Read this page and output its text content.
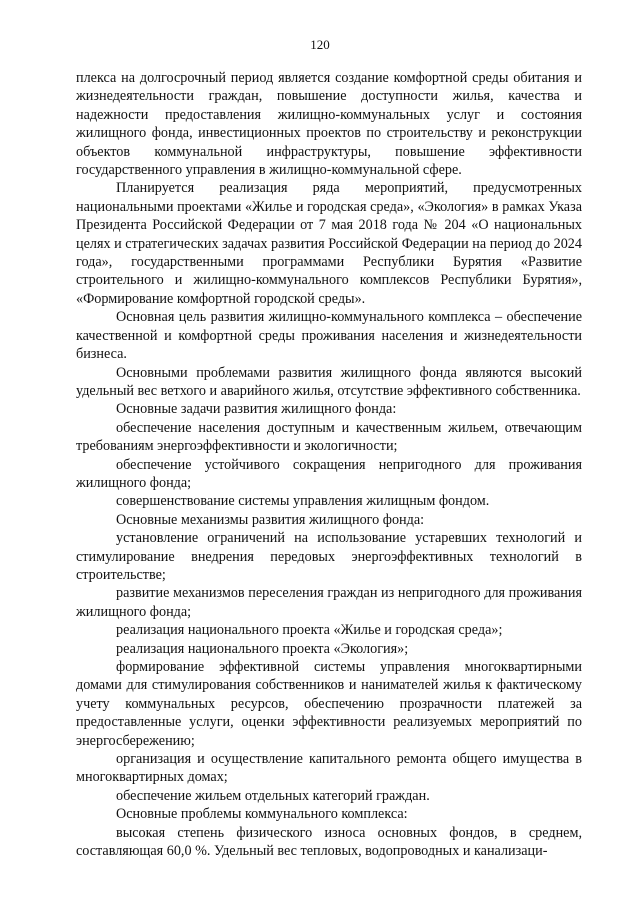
120

плекса на долгосрочный период является создание комфортной среды обитания и жизнедеятельности граждан, повышение доступности жилья, качества и надежности предоставления жилищно-коммунальных услуг и состояния жилищного фонда, инвестиционных проектов по строительству и реконструкции объектов коммунальной инфраструктуры, повышение эффективности государственного управления в жилищно-коммунальной сфере.

Планируется реализация ряда мероприятий, предусмотренных национальными проектами «Жилье и городская среда», «Экология» в рамках Указа Президента Российской Федерации от 7 мая 2018 года № 204 «О национальных целях и стратегических задачах развития Российской Федерации на период до 2024 года», государственными программами Республики Бурятия «Развитие строительного и жилищно-коммунального комплексов Республики Бурятия», «Формирование комфортной городской среды».

Основная цель развития жилищно-коммунального комплекса – обеспечение качественной и комфортной среды проживания населения и жизнедеятельности бизнеса.

Основными проблемами развития жилищного фонда являются высокий удельный вес ветхого и аварийного жилья, отсутствие эффективного собственника.

Основные задачи развития жилищного фонда:

обеспечение населения доступным и качественным жильем, отвечающим требованиям энергоэффективности и экологичности;

обеспечение устойчивого сокращения непригодного для проживания жилищного фонда;

совершенствование системы управления жилищным фондом.

Основные механизмы развития жилищного фонда:

установление ограничений на использование устаревших технологий и стимулирование внедрения передовых энергоэффективных технологий в строительстве;

развитие механизмов переселения граждан из непригодного для проживания жилищного фонда;

реализация национального проекта «Жилье и городская среда»;

реализация национального проекта «Экология»;

формирование эффективной системы управления многоквартирными домами для стимулирования собственников и нанимателей жилья к фактическому учету коммунальных ресурсов, обеспечению прозрачности платежей за предоставленные услуги, оценки эффективности реализуемых мероприятий по энергосбережению;

организация и осуществление капитального ремонта общего имущества в многоквартирных домах;

обеспечение жильем отдельных категорий граждан.

Основные проблемы коммунального комплекса:

высокая степень физического износа основных фондов, в среднем, составляющая 60,0 %. Удельный вес тепловых, водопроводных и канализаци-
